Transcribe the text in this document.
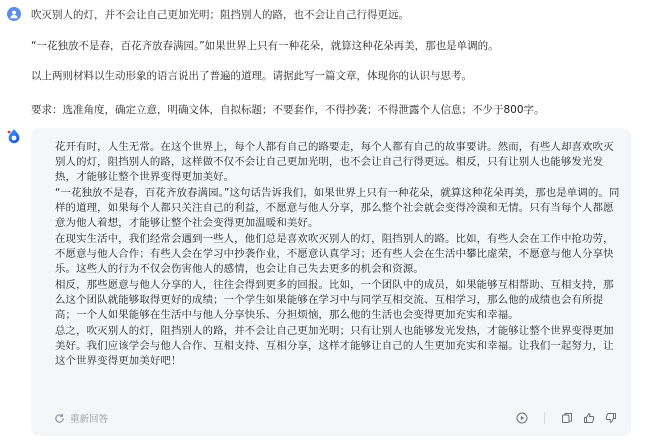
吹灭别人的灯，并不会让自己更加光明；阻挡别人的路，也不会让自己行得更远。

“一花独放不是春，百花齐放春满园。”如果世界上只有一种花朵，就算这种花朵再美，那也是单调的。

以上两则材料以生动形象的语言说出了普遍的道理。请据此写一篇文章，体现你的认识与思考。

要求：选准角度，确定立意，明确文体，自拟标题；不要套作，不得抄袭；不得泄露个人信息；不少于800字。

花开有时，人生无常。在这个世界上，每个人都有自己的路要走，每个人都有自己的故事要讲。然而，有些人却喜欢吹灭别人的灯，阻挡别人的路，这样做不仅不会让自己更加光明，也不会让自己行得更远。相反，只有让别人也能够发光发热，才能够让整个世界变得更加美好。

“一花独放不是春，百花齐放春满园。”这句话告诉我们，如果世界上只有一种花朵，就算这种花朵再美，那也是单调的。同样的道理，如果每个人都只关注自己的利益，不愿意与他人分享，那么整个社会就会变得冷漠和无情。只有当每个人都愿意为他人着想，才能够让整个社会变得更加温暖和美好。

在现实生活中，我们经常会遇到一些人，他们总是喜欢吹灭别人的灯，阻挡别人的路。比如，有些人会在工作中抢功劳，不愿意与他人合作；有些人会在学习中抄袭作业，不愿意认真学习；还有些人会在生活中攀比虚荣，不愿意与他人分享快乐。这些人的行为不仅会伤害他人的感情，也会让自己失去更多的机会和资源。

相反，那些愿意与他人分享的人，往往会得到更多的回报。比如，一个团队中的成员，如果能够互相帮助、互相支持，那么这个团队就能够取得更好的成绩；一个学生如果能够在学习中与同学互相交流、互相学习，那么他的成绩也会有所提高；一个人如果能够在生活中与他人分享快乐、分担烦恼，那么他的生活也会变得更加充实和幸福。

总之，吹灭别人的灯，阻挡别人的路，并不会让自己更加光明；只有让别人也能够发光发热，才能够让整个世界变得更加美好。我们应该学会与他人合作、互相支持、互相分享，这样才能够让自己的人生更加充实和幸福。让我们一起努力，让这个世界变得更加美好吧！

重新回答
